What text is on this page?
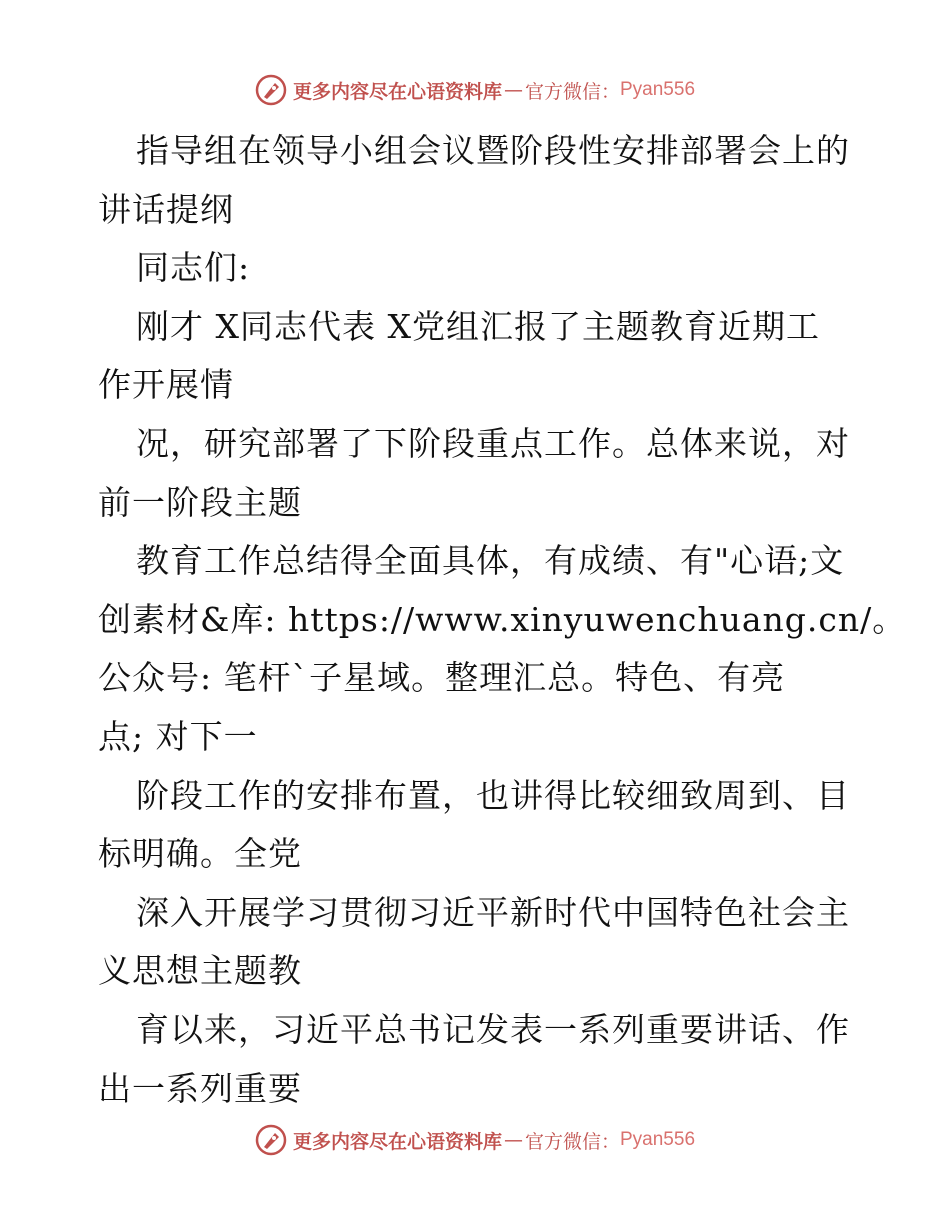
更多内容尽在心语资料库 — 官方微信： Pyan556
指导组在领导小组会议暨阶段性安排部署会上的
讲话提纲
同志们:
刚才 X同志代表 X党组汇报了主题教育近期工
作开展情
况，研究部署了下阶段重点工作。总体来说，对
前一阶段主题
教育工作总结得全面具体，有成绩、有"心语;文
创素材&库: https://www.xinyuwenchuang.cn/。
公众号: 笔杆`子星域。整理汇总。特色、有亮
点; 对下一
阶段工作的安排布置，也讲得比较细致周到、目
标明确。全党
深入开展学习贯彻习近平新时代中国特色社会主
义思想主题教
育以来，习近平总书记发表一系列重要讲话、作
出一系列重要
更多内容尽在心语资料库 — 官方微信： Pyan556
